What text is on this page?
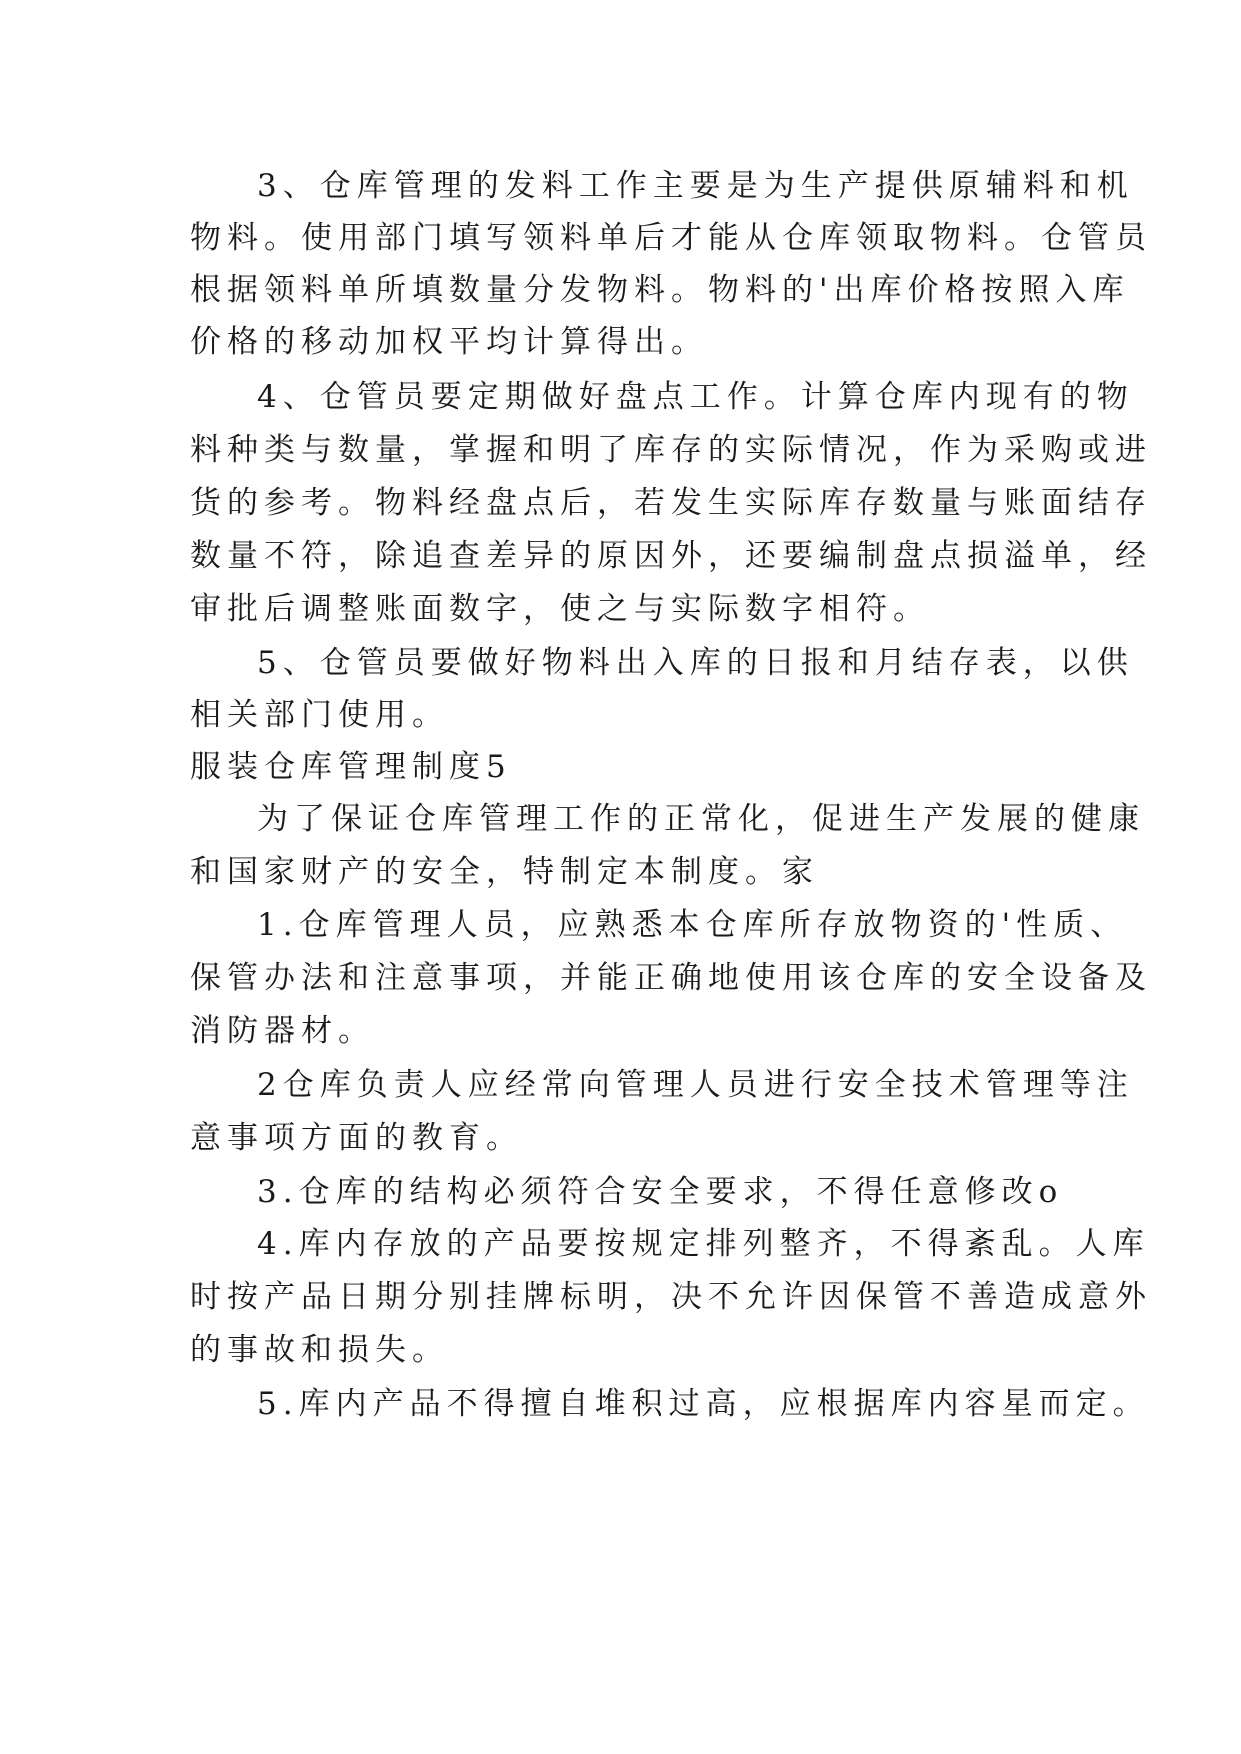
3、仓库管理的发料工作主要是为生产提供原辅料和机
物料。使用部门填写领料单后才能从仓库领取物料。仓管员
根据领料单所填数量分发物料。物料的'出库价格按照入库
价格的移动加权平均计算得出。
4、仓管员要定期做好盘点工作。计算仓库内现有的物
料种类与数量，掌握和明了库存的实际情况，作为采购或进
货的参考。物料经盘点后，若发生实际库存数量与账面结存
数量不符，除追查差异的原因外，还要编制盘点损溢单，经
审批后调整账面数字，使之与实际数字相符。
5、仓管员要做好物料出入库的日报和月结存表，以供
相关部门使用。
服装仓库管理制度5
为了保证仓库管理工作的正常化，促进生产发展的健康
和国家财产的安全，特制定本制度。家
1.仓库管理人员，应熟悉本仓库所存放物资的'性质、
保管办法和注意事项，并能正确地使用该仓库的安全设备及
消防器材。
2仓库负责人应经常向管理人员进行安全技术管理等注
意事项方面的教育。
3.仓库的结构必须符合安全要求，不得任意修改o
4.库内存放的产品要按规定排列整齐，不得紊乱。人库
时按产品日期分别挂牌标明，决不允许因保管不善造成意外
的事故和损失。
5.库内产品不得擅自堆积过高，应根据库内容星而定。
